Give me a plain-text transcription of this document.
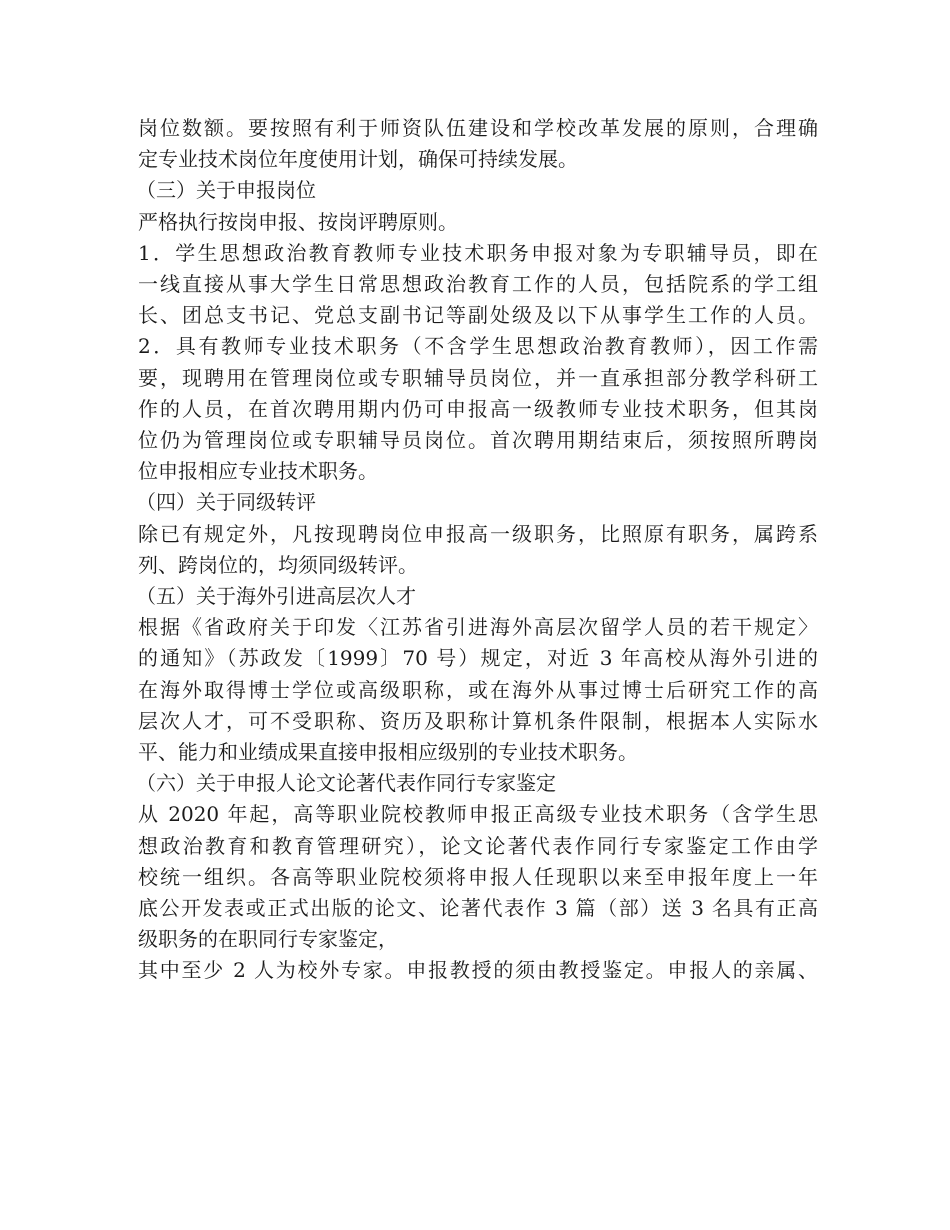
岗位数额。要按照有利于师资队伍建设和学校改革发展的原则，合理确
定专业技术岗位年度使用计划，确保可持续发展。
（三）关于申报岗位
严格执行按岗申报、按岗评聘原则。
1．学生思想政治教育教师专业技术职务申报对象为专职辅导员，即在
一线直接从事大学生日常思想政治教育工作的人员，包括院系的学工组
长、团总支书记、党总支副书记等副处级及以下从事学生工作的人员。
2．具有教师专业技术职务（不含学生思想政治教育教师），因工作需
要，现聘用在管理岗位或专职辅导员岗位，并一直承担部分教学科研工
作的人员，在首次聘用期内仍可申报高一级教师专业技术职务，但其岗
位仍为管理岗位或专职辅导员岗位。首次聘用期结束后，须按照所聘岗
位申报相应专业技术职务。
（四）关于同级转评
除已有规定外，凡按现聘岗位申报高一级职务，比照原有职务，属跨系
列、跨岗位的，均须同级转评。
（五）关于海外引进高层次人才
根据《省政府关于印发〈江苏省引进海外高层次留学人员的若干规定〉
的通知》（苏政发〔1999〕70 号）规定，对近 3 年高校从海外引进的
在海外取得博士学位或高级职称，或在海外从事过博士后研究工作的高
层次人才，可不受职称、资历及职称计算机条件限制，根据本人实际水
平、能力和业绩成果直接申报相应级别的专业技术职务。
（六）关于申报人论文论著代表作同行专家鉴定
从 2020 年起，高等职业院校教师申报正高级专业技术职务（含学生思
想政治教育和教育管理研究），论文论著代表作同行专家鉴定工作由学
校统一组织。各高等职业院校须将申报人任现职以来至申报年度上一年
底公开发表或正式出版的论文、论著代表作 3 篇（部）送 3 名具有正高
级职务的在职同行专家鉴定，
其中至少 2 人为校外专家。申报教授的须由教授鉴定。申报人的亲属、
